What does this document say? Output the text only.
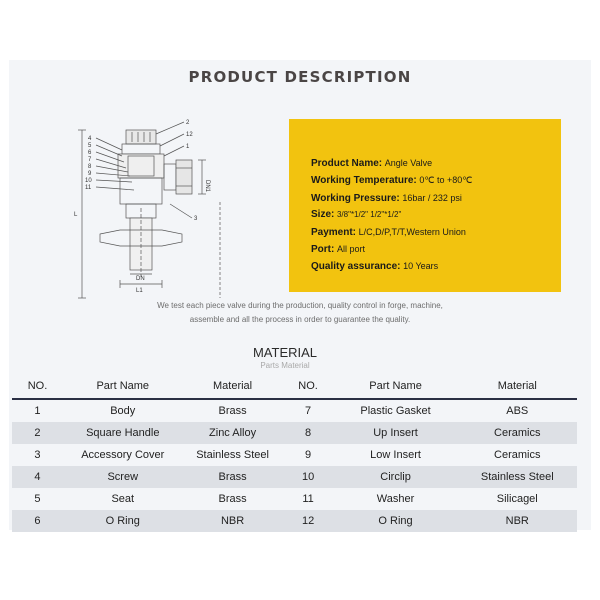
PRODUCT DESCRIPTION
4
5
6
7
8
9
10
11
2
12
1
3
L
DN
L1
DN1
Product Name: Angle Valve
Working Temperature: 0℃ to +80℃
Working Pressure: 16bar / 232 psi
Size: 3/8"*1/2" 1/2"*1/2"
Payment: L/C,D/P,T/T,Western Union
Port: All port
Quality assurance: 10 Years
We test each piece valve during the production, quality control in forge, machine,
assemble and all the process in order to guarantee the quality.
MATERIAL
Parts Material
NO.	Part Name	Material	NO.	Part Name	Material
1	Body	Brass	7	Plastic Gasket	ABS
2	Square Handle	Zinc Alloy	8	Up Insert	Ceramics
3	Accessory Cover	Stainless Steel	9	Low Insert	Ceramics
4	Screw	Brass	10	Circlip	Stainless Steel
5	Seat	Brass	11	Washer	Silicagel
6	O Ring	NBR	12	O Ring	NBR
